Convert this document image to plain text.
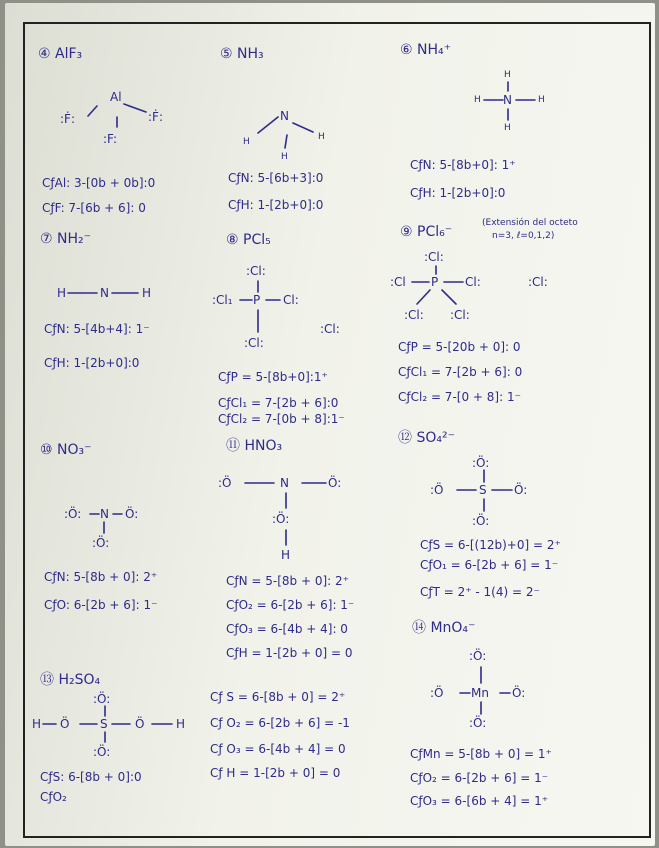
④ AlF₃
Al
:Ḟ:	:Ḟ:
:F:
CƒAl: 3-[0b + 0b]:0
CƒF: 7-[6b + 6]: 0
⑤ NH₃
N
H	H
H
CƒN: 5-[6b+3]:0
CƒH: 1-[2b+0]:0
⑥ NH₄⁺
H
H N	H
H
CƒN: 5-[8b+0]: 1⁺
CƒH: 1-[2b+0]:0
⑦ NH₂⁻
H	N	H
CƒN: 5-[4b+4]: 1⁻
CƒH: 1-[2b+0]:0
⑧ PCl₅
:Cl:
:Cl₁ P Cl:
:Cl:
:Cl:
CƒP = 5-[8b+0]:1⁺
CƒCl₁ = 7-[2b + 6]:0
CƒCl₂ = 7-[0b + 8]:1⁻
⑨ PCl₆⁻
(Extensión del octeto
n=3, ℓ=0,1,2)
:Cl:
:Cl P Cl:	:Cl:
:Cl: :Cl:
CƒP = 5-[20b + 0]: 0
CƒCl₁ = 7-[2b + 6]: 0
CƒCl₂ = 7-[0 + 8]: 1⁻
⑩ NO₃⁻
:Ö: N Ö:
:Ö:
CƒN: 5-[8b + 0]: 2⁺
CƒO: 6-[2b + 6]: 1⁻
⑪ HNO₃
:Ö	N	Ö:
:Ö:
H
CƒN = 5-[8b + 0]: 2⁺
CƒO₂ = 6-[2b + 6]: 1⁻
CƒO₃ = 6-[4b + 4]: 0
CƒH = 1-[2b + 0] = 0
⑫ SO₄²⁻
:Ö:
:Ö	S Ö:
:Ö:
CƒS = 6-[(12b)+0] = 2⁺
CƒO₁ = 6-[2b + 6] = 1⁻
CƒT = 2⁺ - 1(4) = 2⁻
⑬ H₂SO₄
:Ö:
H Ö	S Ö	H
:Ö:
CƒS: 6-[8b + 0]:0
CƒO₂
Cƒ S = 6-[8b + 0] = 2⁺
Cƒ O₂ = 6-[2b + 6] = -1
Cƒ O₃ = 6-[4b + 4] = 0
Cƒ H = 1-[2b + 0] = 0
⑭ MnO₄⁻
:Ö:
:Ö Mn Ö:
:Ö:
CƒMn = 5-[8b + 0] = 1⁺
CƒO₂ = 6-[2b + 6] = 1⁻
CƒO₃ = 6-[6b + 4] = 1⁺
